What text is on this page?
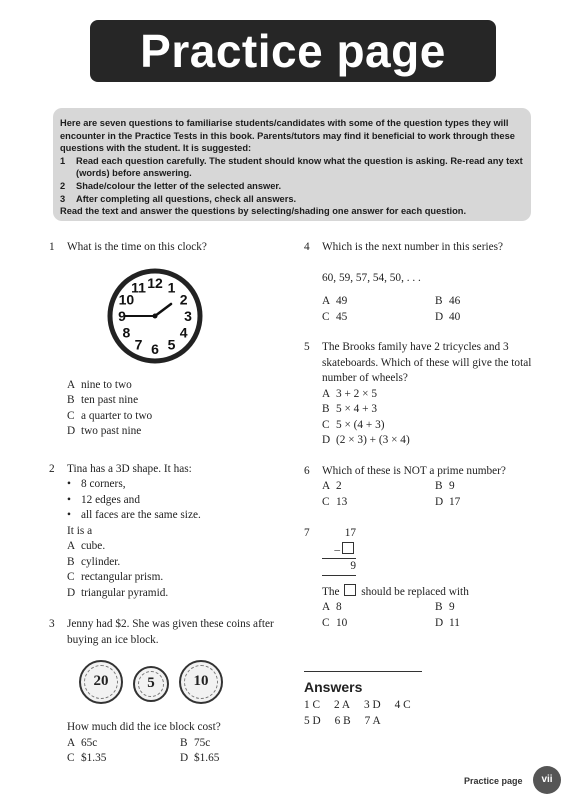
Practice page

Here are seven questions to familiarise students/candidates with some of the question types they will encounter in the Practice Tests in this book. Parents/tutors may find it beneficial to work through these questions with the student. It is suggested:

1	Read each question carefully. The student should know what the question is asking. Re-read any text (words) before answering.
2	Shade/colour the letter of the selected answer.
3	After completing all questions, check all answers.

Read the text and answer the questions by selecting/shading one answer for each question.

1 What is the time on this clock?
12 1
2
3
4
5
6
7
8
9
10
11
A nine to two
B ten past nine
C a quarter to two
D two past nine
2 Tina has a 3D shape. It has:
• 8 corners,
• 12 edges and
• all faces are the same size.
It is a
A cube.
B cylinder.
C rectangular prism.
D triangular pyramid.
3 Jenny had $2. She was given these coins after buying an ice block.
20	5	10
How much did the ice block cost?
A 65c	B 75c
C $1.35	D $1.65
4 Which is the next number in this series?
60, 59, 57, 54, 50, . . .
A 49	B 46
C 45	D 40
5 The Brooks family have 2 tricycles and 3 skateboards. Which of these will give the total number of wheels?
A 3 + 2 × 5
B 5 × 4 + 3
C 5 × (4 + 3)
D (2 × 3) + (3 × 4)
6 Which of these is NOT a prime number?
A 2	B 9
C 13	D 17
7	17
–
9
The should be replaced with
A 8	B 9
C 10	D 11
Answers
1 C 2 A 3 D 4 C
5 D 6 B 7 A
Practice page	vii
